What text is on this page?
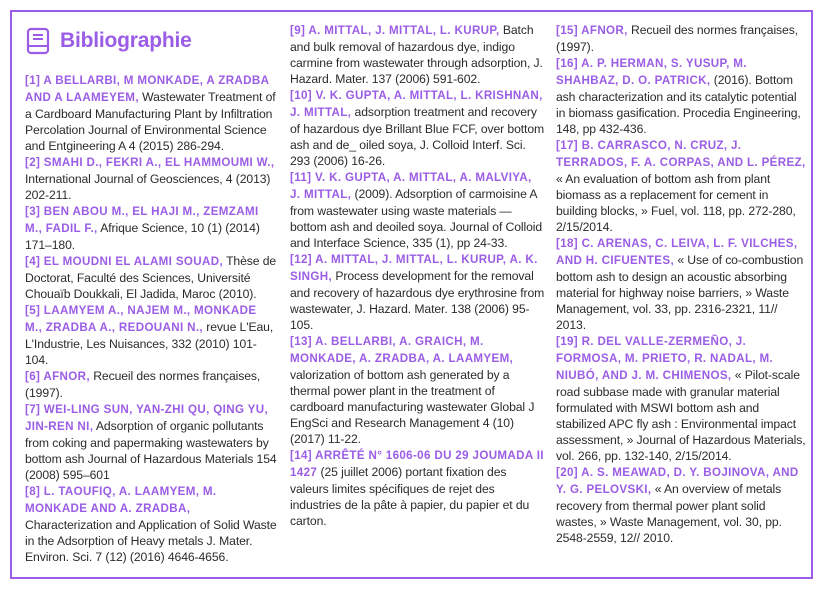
Bibliographie

[1] A BELLARBI, M MONKADE, A ZRADBA AND A LAAMEYEM, Wastewater Treatment of a Cardboard Manufacturing Plant by Infiltration Percolation Journal of Environmental Science and Entgineering A 4 (2015) 286-294.

[2] SMAHI D., FEKRI A., EL HAMMOUMI W., International Journal of Geosciences, 4 (2013) 202-211.

[3] BEN ABOU M., EL HAJI M., ZEMZAMI M., FADIL F., Afrique Science, 10 (1) (2014) 171–180.

[4] EL MOUDNI EL ALAMI SOUAD, Thèse de Doctorat, Faculté des Sciences, Université Chouaïb Doukkali, El Jadida, Maroc (2010).

[5] LAAMYEM A., NAJEM M., MONKADE M., ZRADBA A., REDOUANI N., revue L'Eau, L'Industrie, Les Nuisances, 332 (2010) 101-104.

[6] AFNOR, Recueil des normes françaises, (1997).

[7] WEI-LING SUN, YAN-ZHI QU, QING YU, JIN-REN NI, Adsorption of organic pollutants from coking and papermaking wastewaters by bottom ash Journal of Hazardous Materials 154 (2008) 595–601

[8] L. TAOUFIQ, A. LAAMYEM, M. MONKADE AND A. ZRADBA, Characterization and Application of Solid Waste in the Adsorption of Heavy metals J. Mater. Environ. Sci. 7 (12) (2016) 4646-4656.

[9] A. MITTAL, J. MITTAL, L. KURUP, Batch and bulk removal of hazardous dye, indigo carmine from wastewater through adsorption, J. Hazard. Mater. 137 (2006) 591-602.

[10] V. K. GUPTA, A. MITTAL, L. KRISHNAN, J. MITTAL, adsorption treatment and recovery of hazardous dye Brillant Blue FCF, over bottom ash and de_ oiled soya, J. Colloid Interf. Sci. 293 (2006) 16-26.

[11] V. K. GUPTA, A. MITTAL, A. MALVIYA, J. MITTAL, (2009). Adsorption of carmoisine A from wastewater using waste materials — bottom ash and deoiled soya. Journal of Colloid and Interface Science, 335 (1), pp 24-33.

[12] A. MITTAL, J. MITTAL, L. KURUP, A. K. SINGH, Process development for the removal and recovery of hazardous dye erythrosine from wastewater, J. Hazard. Mater. 138 (2006) 95-105.

[13] A. BELLARBI, A. GRAICH, M. MONKADE, A. ZRADBA, A. LAAMYEM, valorization of bottom ash generated by a thermal power plant in the treatment of cardboard manufacturing wastewater Global J EngSci and Research Management 4 (10) (2017) 11-22.

[14] ARRÊTÉ N° 1606-06 DU 29 JOUMADA II 1427 (25 juillet 2006) portant fixation des valeurs limites spécifiques de rejet des industries de la pâte à papier, du papier et du carton.

[15] AFNOR, Recueil des normes françaises, (1997).

[16] A. P. HERMAN, S. YUSUP, M. SHAHBAZ, D. O. PATRICK, (2016). Bottom ash characterization and its catalytic potential in biomass gasification. Procedia Engineering, 148, pp 432-436.

[17] B. CARRASCO, N. CRUZ, J. TERRADOS, F. A. CORPAS, AND L. PÉREZ, « An evaluation of bottom ash from plant biomass as a replacement for cement in building blocks, » Fuel, vol. 118, pp. 272-280, 2/15/2014.

[18] C. ARENAS, C. LEIVA, L. F. VILCHES, AND H. CIFUENTES, « Use of co-combustion bottom ash to design an acoustic absorbing material for highway noise barriers, » Waste Management, vol. 33, pp. 2316-2321, 11// 2013.

[19] R. DEL VALLE-ZERMEÑO, J. FORMOSA, M. PRIETO, R. NADAL, M. NIUBÓ, AND J. M. CHIMENOS, « Pilot-scale road subbase made with granular material formulated with MSWI bottom ash and stabilized APC fly ash : Environmental impact assessment, » Journal of Hazardous Materials, vol. 266, pp. 132-140, 2/15/2014.

[20] A. S. MEAWAD, D. Y. BOJINOVA, AND Y. G. PELOVSKI, « An overview of metals recovery from thermal power plant solid wastes, » Waste Management, vol. 30, pp. 2548-2559, 12// 2010.
